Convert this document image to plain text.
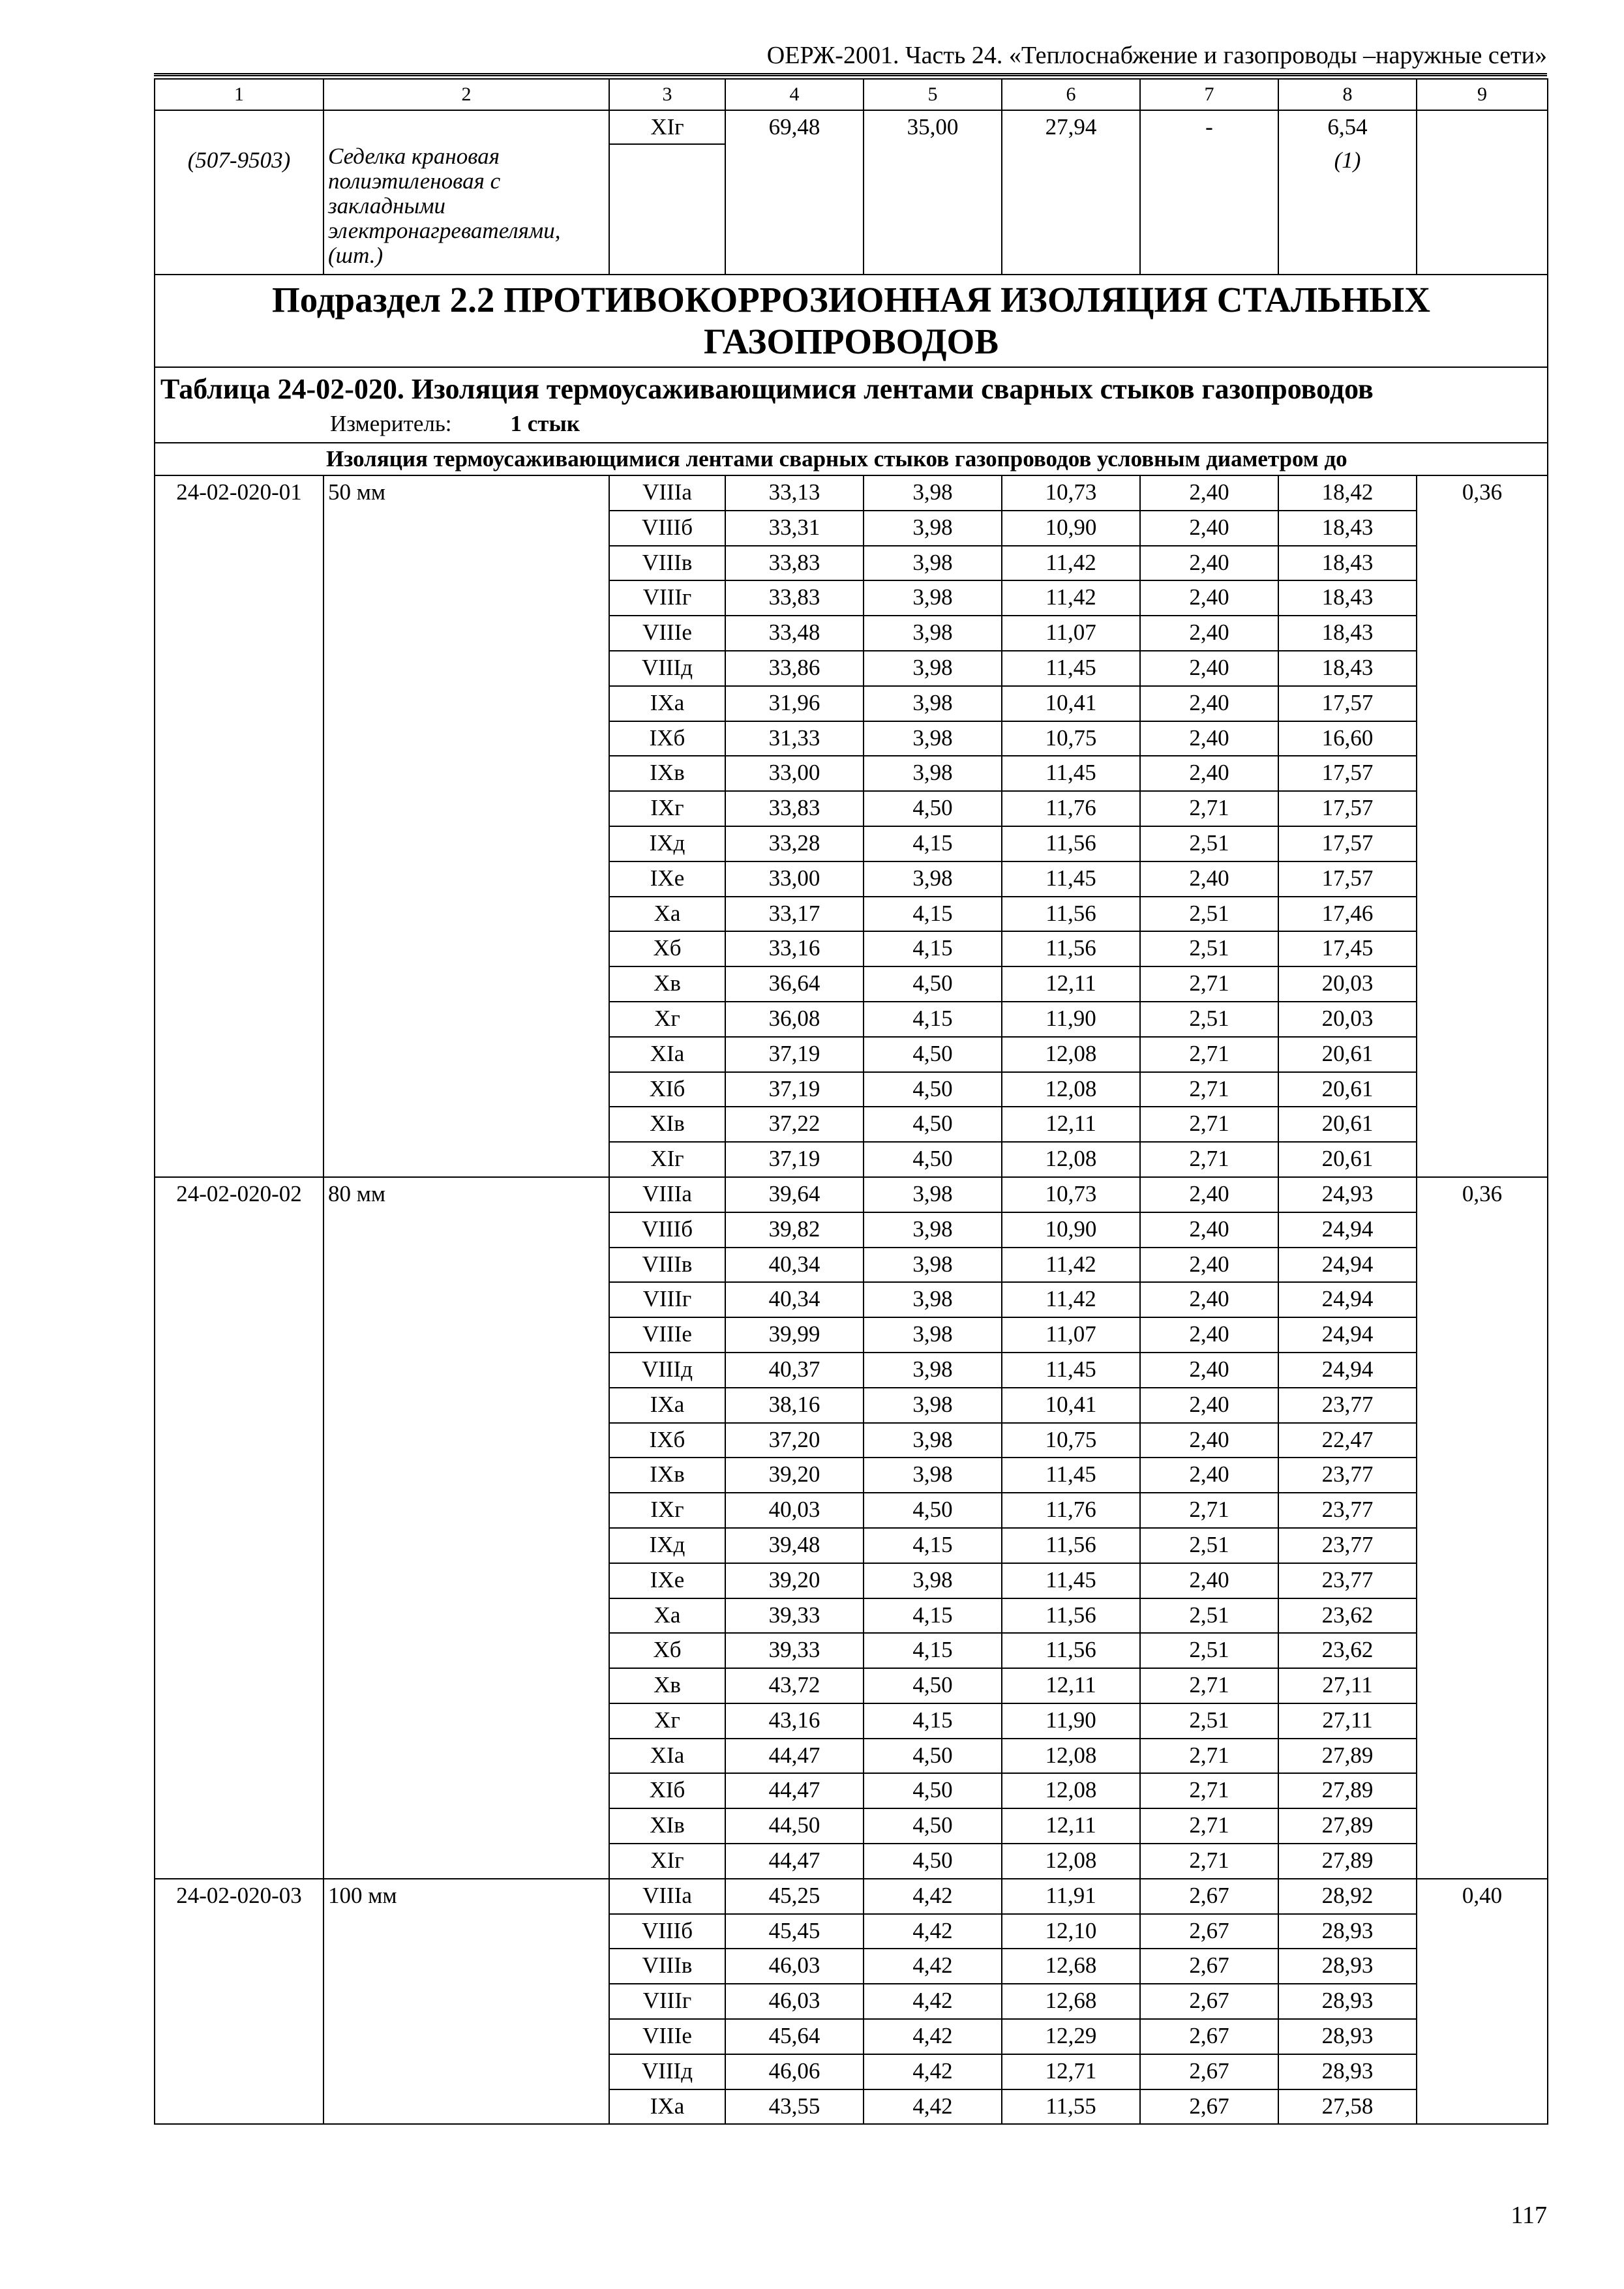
ОЕРЖ-2001. Часть 24. «Теплоснабжение и газопроводы –наружные сети»
1	2	3	4	5	6	7	8	9
		XIг	69,48	35,00	27,94	-	6,54	
(507-9503)	Седелка крановая полиэтиленовая с закладными электронагревателями, (шт.)						(1)	
Подраздел 2.2 ПРОТИВОКОРРОЗИОННАЯ ИЗОЛЯЦИЯ СТАЛЬНЫХ ГАЗОПРОВОДОВ								

Таблица 24-02-020. Изоляция термоусаживающимися лентами сварных стыков газопроводов
Измеритель: 1 стык								

Изоляция термоусаживающимися лентами сварных стыков газопроводов условным диаметром до								
24-02-020-01	50 мм	VIIIа	33,13	3,98	10,73	2,40	18,42	0,36
		VIIIб	33,31	3,98	10,90	2,40	18,43	
		VIIIв	33,83	3,98	11,42	2,40	18,43	
		VIIIг	33,83	3,98	11,42	2,40	18,43	
		VIIIе	33,48	3,98	11,07	2,40	18,43	
		VIIIд	33,86	3,98	11,45	2,40	18,43	
		IXа	31,96	3,98	10,41	2,40	17,57	
		IXб	31,33	3,98	10,75	2,40	16,60	
		IXв	33,00	3,98	11,45	2,40	17,57	
		IXг	33,83	4,50	11,76	2,71	17,57	
		IXд	33,28	4,15	11,56	2,51	17,57	
		IXе	33,00	3,98	11,45	2,40	17,57	
		Xа	33,17	4,15	11,56	2,51	17,46	
		Xб	33,16	4,15	11,56	2,51	17,45	
		Xв	36,64	4,50	12,11	2,71	20,03	
		Xг	36,08	4,15	11,90	2,51	20,03	
		XIа	37,19	4,50	12,08	2,71	20,61	
		XIб	37,19	4,50	12,08	2,71	20,61	
		XIв	37,22	4,50	12,11	2,71	20,61	
		XIг	37,19	4,50	12,08	2,71	20,61	
24-02-020-02	80 мм	VIIIа	39,64	3,98	10,73	2,40	24,93	0,36
		VIIIб	39,82	3,98	10,90	2,40	24,94	
		VIIIв	40,34	3,98	11,42	2,40	24,94	
		VIIIг	40,34	3,98	11,42	2,40	24,94	
		VIIIе	39,99	3,98	11,07	2,40	24,94	
		VIIIд	40,37	3,98	11,45	2,40	24,94	
		IXа	38,16	3,98	10,41	2,40	23,77	
		IXб	37,20	3,98	10,75	2,40	22,47	
		IXв	39,20	3,98	11,45	2,40	23,77	
		IXг	40,03	4,50	11,76	2,71	23,77	
		IXд	39,48	4,15	11,56	2,51	23,77	
		IXе	39,20	3,98	11,45	2,40	23,77	
		Xа	39,33	4,15	11,56	2,51	23,62	
		Xб	39,33	4,15	11,56	2,51	23,62	
		Xв	43,72	4,50	12,11	2,71	27,11	
		Xг	43,16	4,15	11,90	2,51	27,11	
		XIа	44,47	4,50	12,08	2,71	27,89	
		XIб	44,47	4,50	12,08	2,71	27,89	
		XIв	44,50	4,50	12,11	2,71	27,89	
		XIг	44,47	4,50	12,08	2,71	27,89	
24-02-020-03	100 мм	VIIIа	45,25	4,42	11,91	2,67	28,92	0,40
		VIIIб	45,45	4,42	12,10	2,67	28,93	
		VIIIв	46,03	4,42	12,68	2,67	28,93	
		VIIIг	46,03	4,42	12,68	2,67	28,93	
		VIIIе	45,64	4,42	12,29	2,67	28,93	
		VIIIд	46,06	4,42	12,71	2,67	28,93	
		IXа	43,55	4,42	11,55	2,67	27,58	
117
